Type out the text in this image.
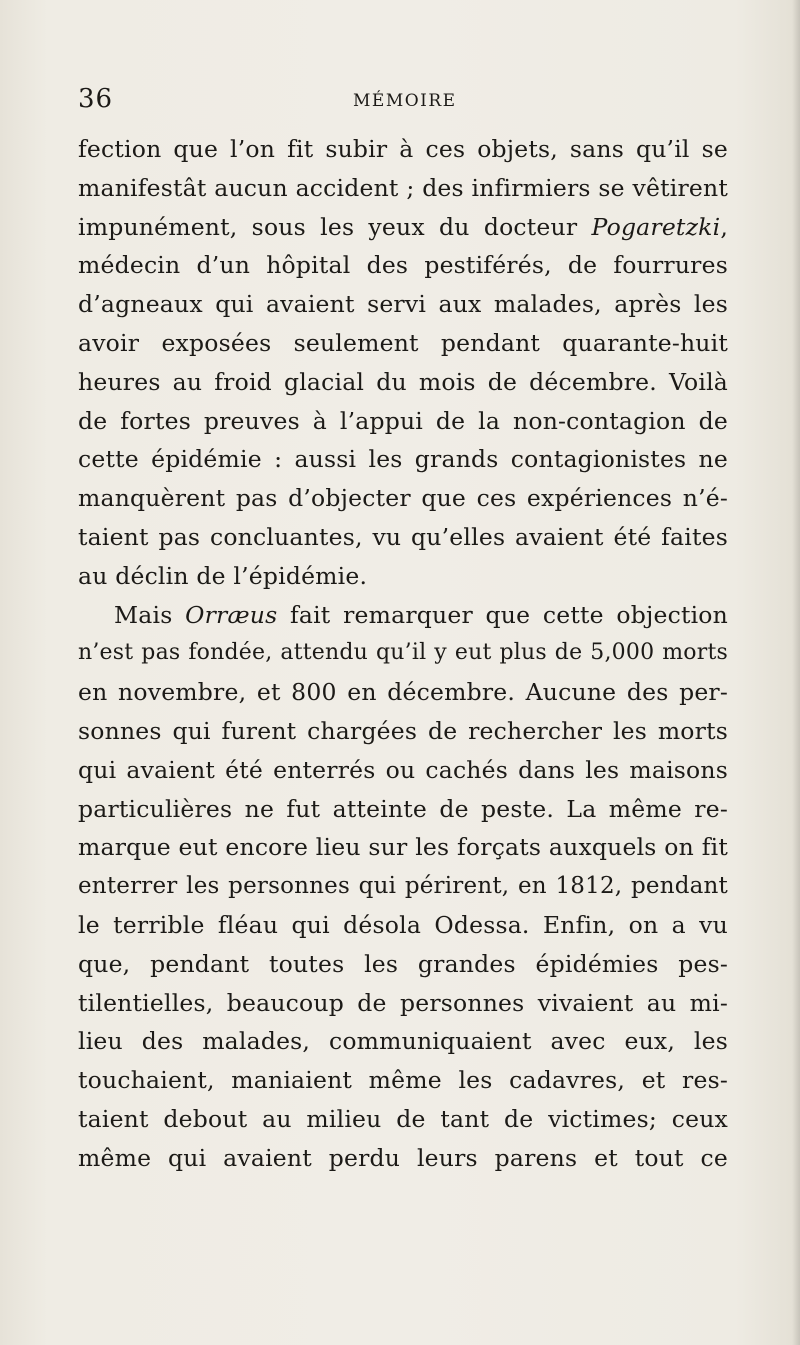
36	MÉMOIRE
fection que l’on fit subir à ces objets, sans qu’il se
manifestât aucun accident ; des infirmiers se vêtirent
impunément, sous les yeux du docteur Pogaretzki,
médecin d’un hôpital des pestiférés, de fourrures
d’agneaux qui avaient servi aux malades, après les
avoir exposées seulement pendant quarante-huit
heures au froid glacial du mois de décembre. Voilà
de fortes preuves à l’appui de la non-contagion de
cette épidémie : aussi les grands contagionistes ne
manquèrent pas d’objecter que ces expériences n’é-
taient pas concluantes, vu qu’elles avaient été faites
au déclin de l’épidémie.
Mais Orræus fait remarquer que cette objection
n’est pas fondée, attendu qu’il y eut plus de 5,000 morts
en novembre, et 800 en décembre. Aucune des per-
sonnes qui furent chargées de rechercher les morts
qui avaient été enterrés ou cachés dans les maisons
particulières ne fut atteinte de peste. La même re-
marque eut encore lieu sur les forçats auxquels on fit
enterrer les personnes qui périrent, en 1812, pendant
le terrible fléau qui désola Odessa. Enfin, on a vu
que, pendant toutes les grandes épidémies pes-
tilentielles, beaucoup de personnes vivaient au mi-
lieu des malades, communiquaient avec eux, les
touchaient, maniaient même les cadavres, et res-
taient debout au milieu de tant de victimes; ceux
même qui avaient perdu leurs parens et tout ce
